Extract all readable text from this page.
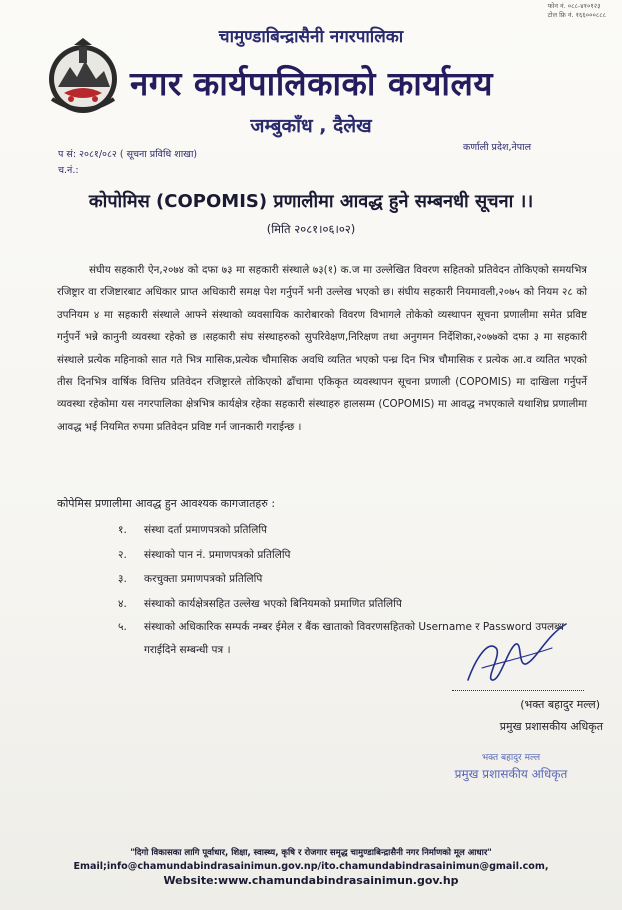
फोन नं. ०८८-४१०१२३
टोल फ्रि नं. १६६०००८८८
चामुण्डाबिन्द्रासैनी नगरपालिका
नगर कार्यपालिकाको कार्यालय
जम्बुकाँध , दैलेख
प सं: २०८१/०८२ ( सूचना प्रविधि शाखा)
च.नं.:
कर्णाली प्रदेश,नेपाल
कोपोमिस (COPOMIS) प्रणालीमा आवद्ध हुने सम्बनधी सूचना ।।
(मिति २०८१।०६।०२)
संघीय सहकारी ऐन,२०७४ को दफा ७३ मा सहकारी संस्थाले ७३(१) क.ज मा उल्लेखित विवरण सहितको प्रतिवेदन तोकिएको समयभित्र रजिष्ट्रार वा रजिष्टारबाट अधिकार प्राप्त अधिकारी समक्ष पेश गर्नुपर्ने भनी उल्लेख भएको छ। संघीय सहकारी नियमावली,२०७५ को नियम २८ को उपनियम ४ मा सहकारी संस्थाले आफ्ने संस्थाको व्यवसायिक कारोबारको विवरण विभागले तोकेको व्यस्थापन सूचना प्रणालीमा समेत प्रविष्ट गर्नुपर्ने भन्ने कानुनी व्यवस्था रहेको छ ।सहकारी संघ संस्थाहरुको सुपरिवेक्षण,निरिक्षण तथा अनुगमन निर्देशिका,२०७७को दफा ३ मा सहकारी संस्थाले प्रत्येक महिनाको सात गते भित्र मासिक,प्रत्येक चौमासिक अवधि व्यतित भएको पन्ध्र दिन भित्र चौमासिक र प्रत्येक आ.व व्यतित भएको तीस दिनभित्र वार्षिक वित्तिय प्रतिवेदन रजिष्ट्रारले तोकिएको ढाँचामा एकिकृत व्यवस्थापन सूचना प्रणाली (COPOMIS) मा दाखिला गर्नुपर्ने व्यवस्था रहेकोमा यस नगरपालिका क्षेत्रभित्र कार्यक्षेत्र रहेका सहकारी संस्थाहरु हालसम्म (COPOMIS) मा आवद्ध नभएकाले यथाशिघ्र प्रणालीमा आवद्ध भई नियमित रुपमा प्रतिवेदन प्रविष्ट गर्न जानकारी गराईन्छ ।
कोपेमिस प्रणालीमा आवद्ध हुन आवश्यक कागजातहरु :
१.	संस्था दर्ता प्रमाणपत्रको प्रतिलिपि
२.	संस्थाको पान नं. प्रमाणपत्रको प्रतिलिपि
३.	करचुक्ता प्रमाणपत्रको प्रतिलिपि
४.	संस्थाको कार्यक्षेत्रसहित उल्लेख भएको बिनियमको प्रमाणित प्रतिलिपि
५.	संस्थाको अधिकारिक सम्पर्क नम्बर ईमेल र बैंक खाताको विवरणसहितको Username र Password उपलब्ध गराईदिने सम्बन्धी पत्र ।
(भक्त बहादुर मल्ल)
प्रमुख प्रशासकीय अधिकृत
भक्त बहादुर मल्ल
प्रमुख प्रशासकीय अधिकृत
"दिगो विकासका लागि पूर्वाधार, शिक्षा, स्वास्थ्य, कृषि र रोजगार समृद्ध चामुण्डाबिन्द्रासैनी नगर निर्माणको मूल आधार"
Email;info@chamundabindrasainimun.gov.np/ito.chamundabindrasainimun@gmail.com,
Website:www.chamundabindrasainimun.gov.hp
